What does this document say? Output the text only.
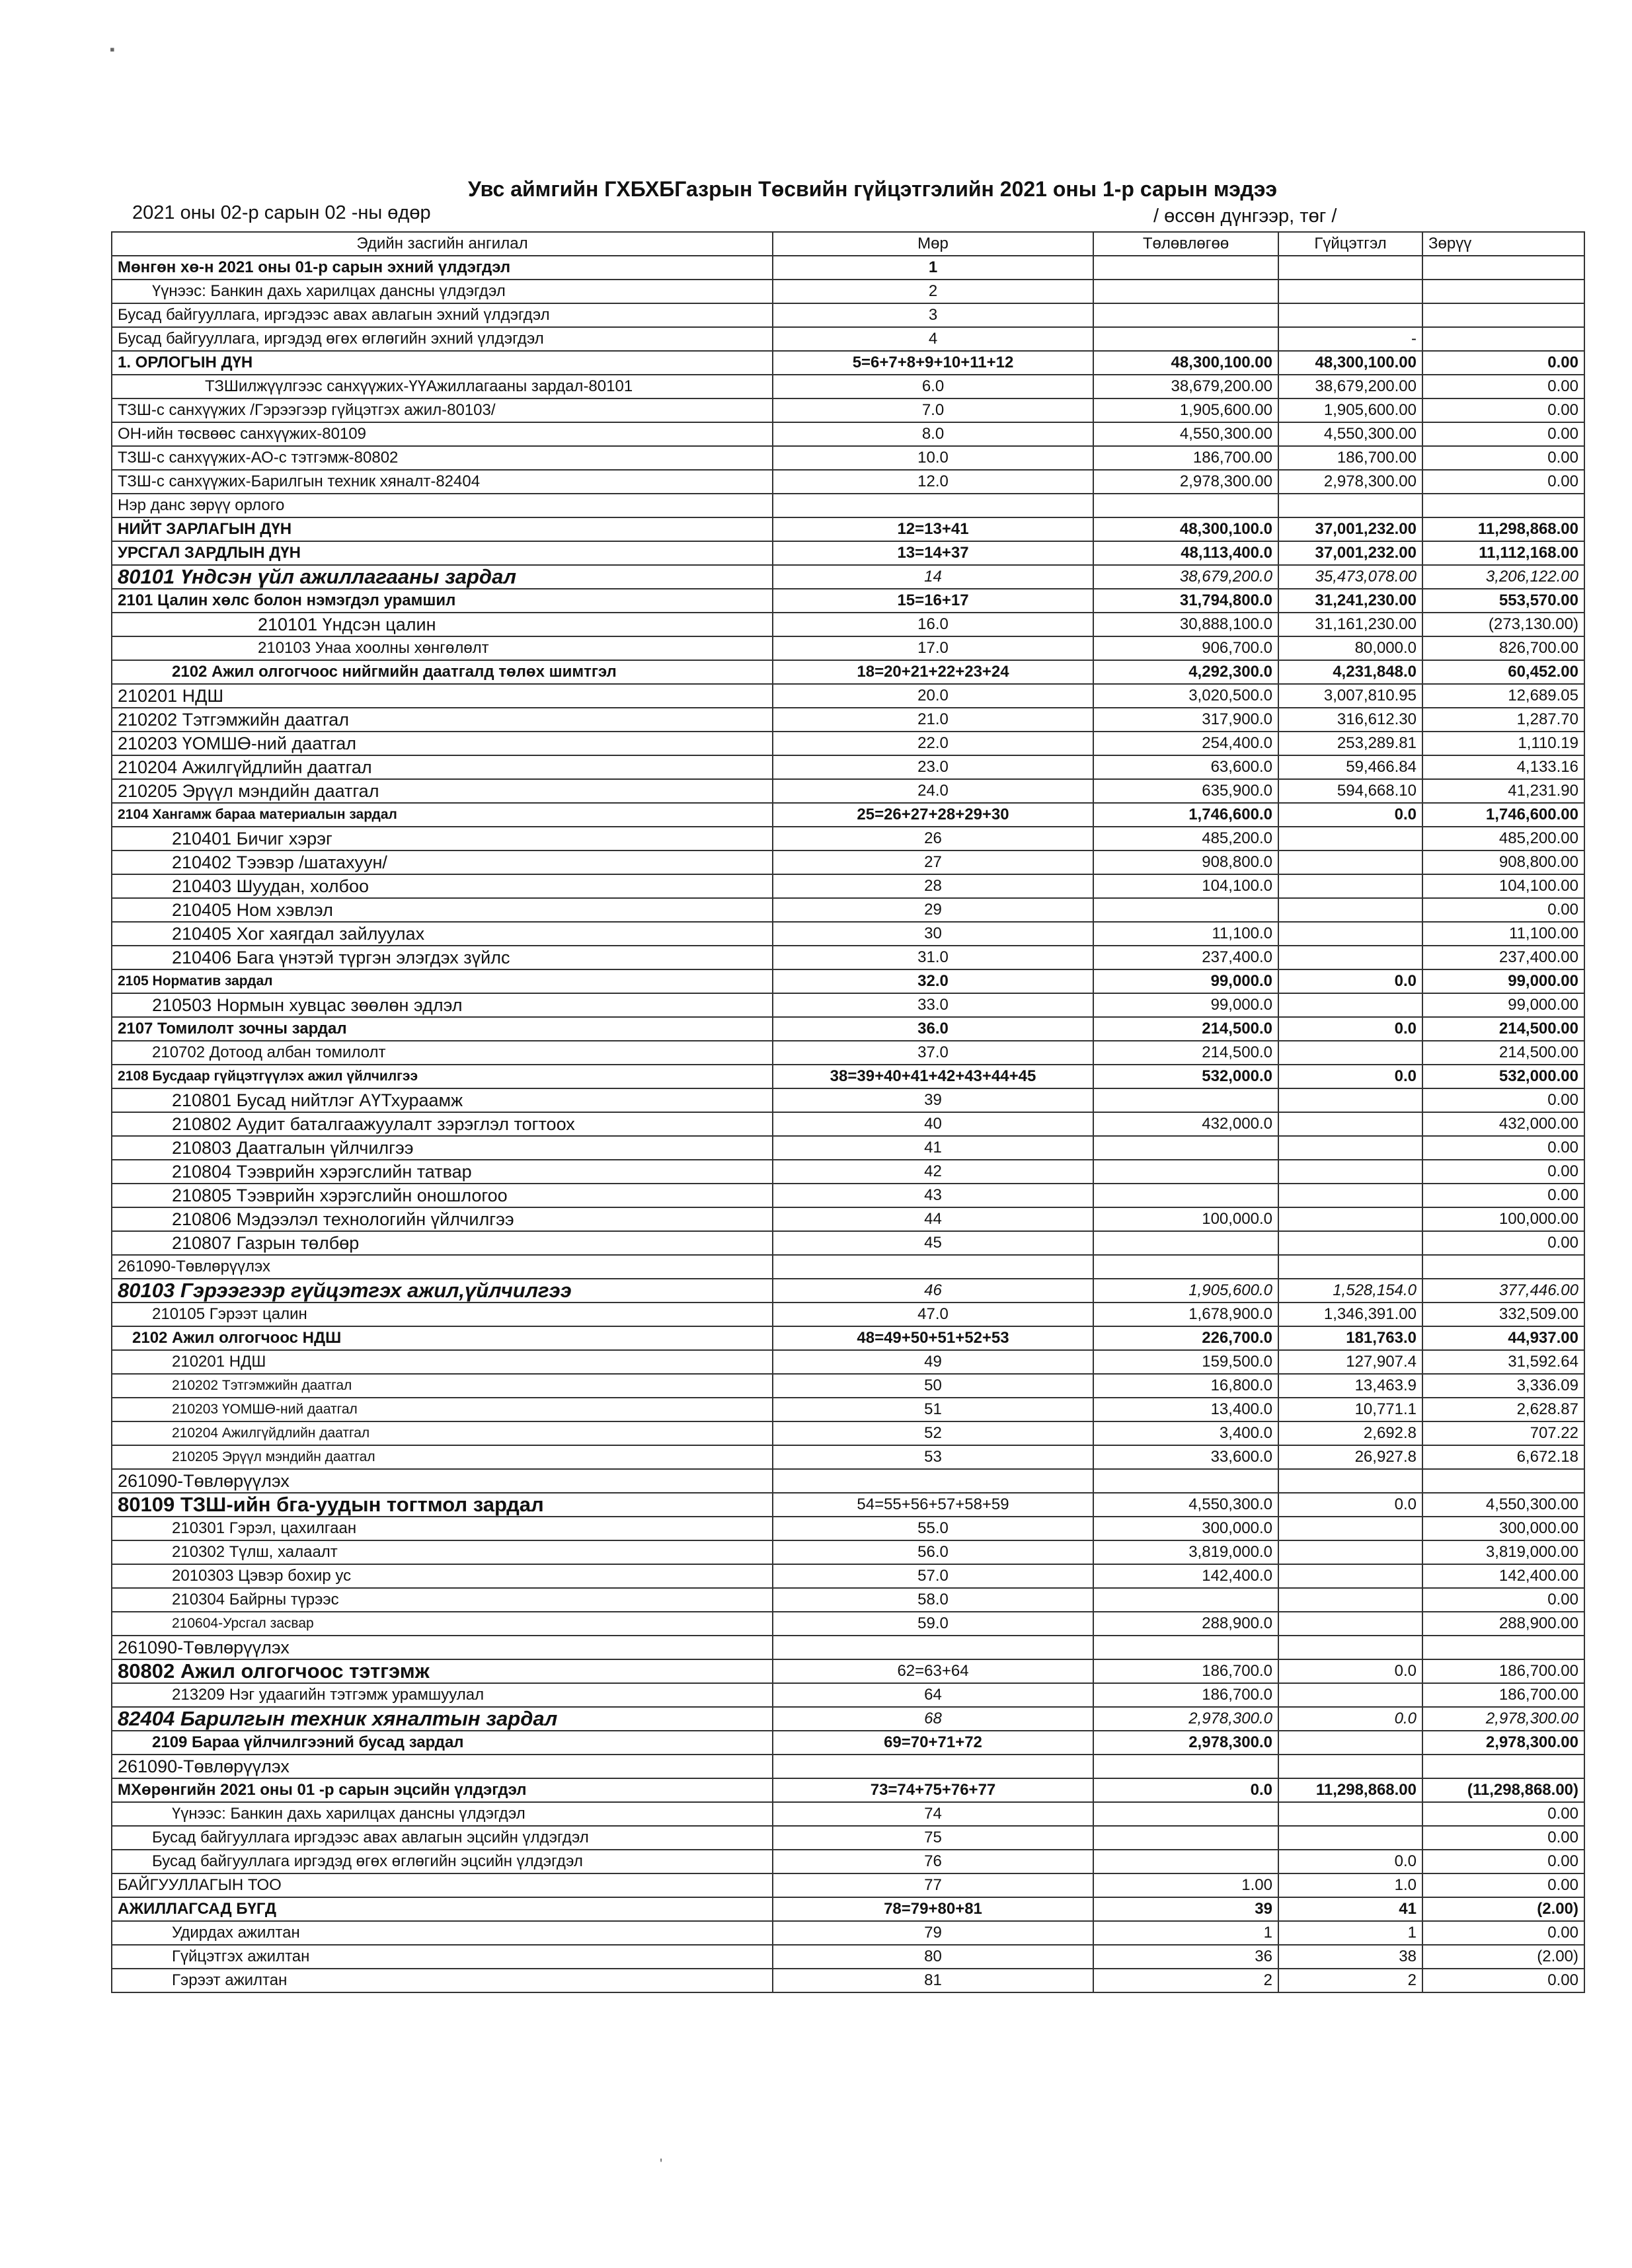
▪
Увс аймгийн ГХБХБГазрын Төсвийн гүйцэтгэлийн 2021 оны 1-р сарын мэдээ
2021 оны 02-р сарын 02 -ны өдөр	/ өссөн дүнгээр, төг /
Эдийн засгийн ангилал	Мөр	Төлөвлөгөө	Гүйцэтгэл	Зөрүү
Мөнгөн хө-н 2021 оны 01-р сарын эхний үлдэгдэл	1			
Үүнээс: Банкин дахь харилцах дансны үлдэгдэл	2			
Бусад байгууллага, иргэдээс авах авлагын эхний үлдэгдэл	3			
Бусад байгууллага, иргэдэд өгөх өглөгийн эхний үлдэгдэл	4		-	
1. ОРЛОГЫН ДҮН	5=6+7+8+9+10+11+12	48,300,100.00	48,300,100.00	0.00
ТЗШилжүүлгээс санхүүжих-ҮҮАжиллагааны зардал-80101	6.0	38,679,200.00	38,679,200.00	0.00
ТЗШ-с санхүүжих /Гэрээгээр гүйцэтгэх ажил-80103/	7.0	1,905,600.00	1,905,600.00	0.00
ОН-ийн төсвөөс санхүүжих-80109	8.0	4,550,300.00	4,550,300.00	0.00
ТЗШ-с санхүүжих-АО-с тэтгэмж-80802	10.0	186,700.00	186,700.00	0.00
ТЗШ-с санхүүжих-Барилгын техник хяналт-82404	12.0	2,978,300.00	2,978,300.00	0.00
Нэр данс зөрүү орлого				
НИЙТ ЗАРЛАГЫН ДҮН	12=13+41	48,300,100.0	37,001,232.00	11,298,868.00
УРСГАЛ ЗАРДЛЫН ДҮН	13=14+37	48,113,400.0	37,001,232.00	11,112,168.00
80101 Үндсэн үйл ажиллагааны зардал	14	38,679,200.0	35,473,078.00	3,206,122.00
2101 Цалин хөлс болон нэмэгдэл урамшил	15=16+17	31,794,800.0	31,241,230.00	553,570.00
210101 Үндсэн цалин	16.0	30,888,100.0	31,161,230.00	(273,130.00)
210103 Унаа хоолны хөнгөлөлт	17.0	906,700.0	80,000.0	826,700.00
2102 Ажил олгогчоос нийгмийн даатгалд төлөх шимтгэл	18=20+21+22+23+24	4,292,300.0	4,231,848.0	60,452.00
210201 НДШ	20.0	3,020,500.0	3,007,810.95	12,689.05
210202 Тэтгэмжийн даатгал	21.0	317,900.0	316,612.30	1,287.70
210203 ҮОМШӨ-ний даатгал	22.0	254,400.0	253,289.81	1,110.19
210204 Ажилгүйдлийн даатгал	23.0	63,600.0	59,466.84	4,133.16
210205 Эрүүл мэндийн даатгал	24.0	635,900.0	594,668.10	41,231.90
2104 Хангамж бараа материалын зардал	25=26+27+28+29+30	1,746,600.0	0.0	1,746,600.00
210401 Бичиг хэрэг	26	485,200.0		485,200.00
210402 Тээвэр /шатахуун/	27	908,800.0		908,800.00
210403 Шуудан, холбоо	28	104,100.0		104,100.00
210405 Ном хэвлэл	29			0.00
210405 Хог хаягдал зайлуулах	30	11,100.0		11,100.00
210406 Бага үнэтэй түргэн элэгдэх зүйлс	31.0	237,400.0		237,400.00
2105 Норматив зардал	32.0	99,000.0	0.0	99,000.00
210503 Нормын хувцас зөөлөн эдлэл	33.0	99,000.0		99,000.00
2107 Томилолт зочны зардал	36.0	214,500.0	0.0	214,500.00
210702 Дотоод албан томилолт	37.0	214,500.0		214,500.00
2108 Бусдаар гүйцэтгүүлэх ажил үйлчилгээ	38=39+40+41+42+43+44+45	532,000.0	0.0	532,000.00
210801 Бусад нийтлэг АҮТхураамж	39			0.00
210802 Аудит баталгаажуулалт зэрэглэл тогтоох	40	432,000.0		432,000.00
210803 Даатгалын үйлчилгээ	41			0.00
210804 Тээврийн хэрэгслийн татвар	42			0.00
210805 Тээврийн хэрэгслийн оношлогоо	43			0.00
210806 Мэдээлэл технологийн үйлчилгээ	44	100,000.0		100,000.00
210807 Газрын төлбөр	45			0.00
261090-Төвлөрүүлэх				
80103 Гэрээгээр гүйцэтгэх ажил,үйлчилгээ	46	1,905,600.0	1,528,154.0	377,446.00
210105 Гэрээт цалин	47.0	1,678,900.0	1,346,391.00	332,509.00
2102 Ажил олгогчоос НДШ	48=49+50+51+52+53	226,700.0	181,763.0	44,937.00
210201 НДШ	49	159,500.0	127,907.4	31,592.64
210202 Тэтгэмжийн даатгал	50	16,800.0	13,463.9	3,336.09
210203 ҮОМШӨ-ний даатгал	51	13,400.0	10,771.1	2,628.87
210204 Ажилгүйдлийн даатгал	52	3,400.0	2,692.8	707.22
210205 Эрүүл мэндийн даатгал	53	33,600.0	26,927.8	6,672.18
261090-Төвлөрүүлэх				
80109 ТЗШ-ийн бга-уудын тогтмол зардал	54=55+56+57+58+59	4,550,300.0	0.0	4,550,300.00
210301 Гэрэл, цахилгаан	55.0	300,000.0		300,000.00
210302 Түлш, халаалт	56.0	3,819,000.0		3,819,000.00
2010303 Цэвэр бохир ус	57.0	142,400.0		142,400.00
210304 Байрны түрээс	58.0			0.00
210604-Урсгал засвар	59.0	288,900.0		288,900.00
261090-Төвлөрүүлэх				
80802 Ажил олгогчоос тэтгэмж	62=63+64	186,700.0	0.0	186,700.00
213209 Нэг удаагийн тэтгэмж урамшуулал	64	186,700.0		186,700.00
82404 Барилгын техник хяналтын зардал	68	2,978,300.0	0.0	2,978,300.00
2109 Бараа үйлчилгээний бусад зардал	69=70+71+72	2,978,300.0		2,978,300.00
261090-Төвлөрүүлэх				
МХөрөнгийн 2021 оны 01 -р сарын эцсийн үлдэгдэл	73=74+75+76+77	0.0	11,298,868.00	(11,298,868.00)
Үүнээс: Банкин дахь харилцах дансны үлдэгдэл	74			0.00
Бусад байгууллага иргэдээс авах авлагын эцсийн үлдэгдэл	75			0.00
Бусад байгууллага иргэдэд өгөх өглөгийн эцсийн үлдэгдэл	76		0.0	0.00
БАЙГУУЛЛАГЫН ТОО	77	1.00	1.0	0.00
АЖИЛЛАГСАД БҮГД	78=79+80+81	39	41	(2.00)
Удирдах ажилтан	79	1	1	0.00
Гүйцэтгэх ажилтан	80	36	38	(2.00)
Гэрээт ажилтан	81	2	2	0.00
'
